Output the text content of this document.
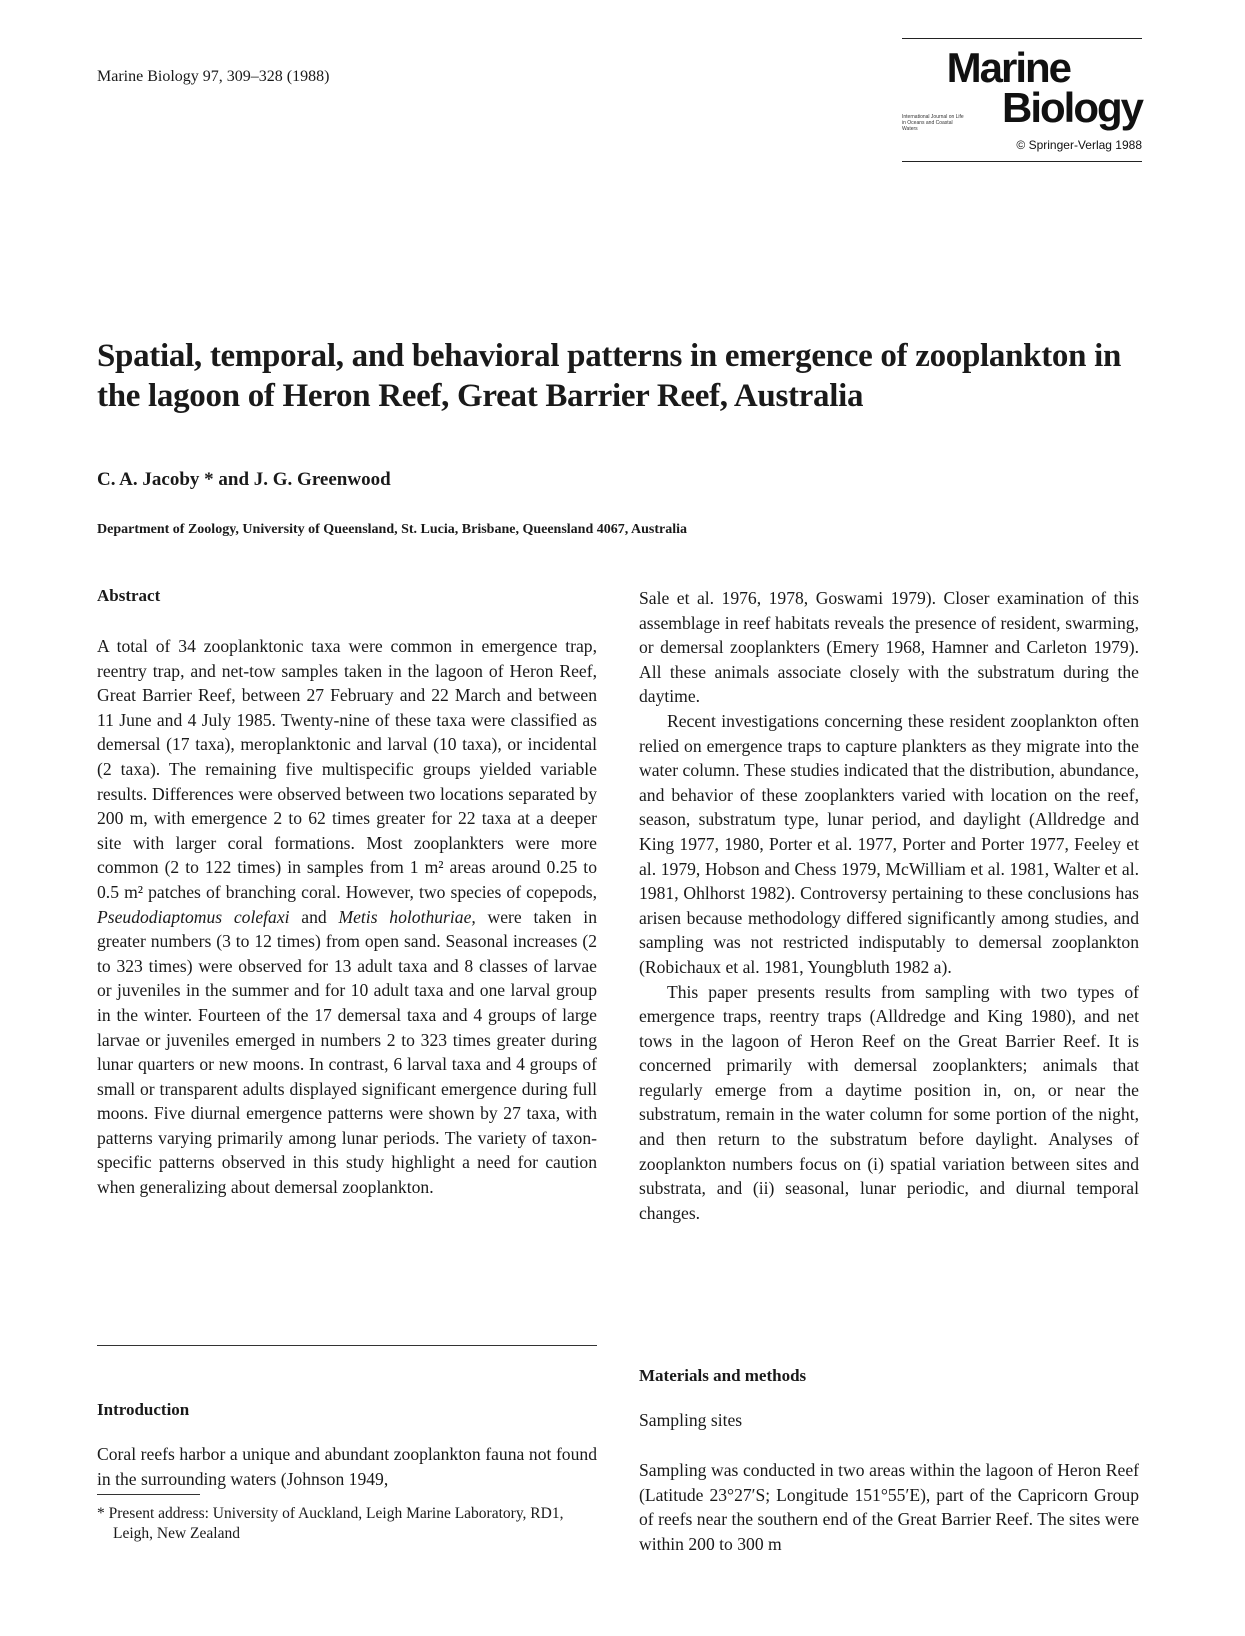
Marine Biology 97, 309–328 (1988)	Marine
International Journal on Life in Oceans and Coastal Waters	Biology
© Springer-Verlag 1988
Spatial, temporal, and behavioral patterns in emergence of zooplankton in the lagoon of Heron Reef, Great Barrier Reef, Australia
C. A. Jacoby * and J. G. Greenwood
Department of Zoology, University of Queensland, St. Lucia, Brisbane, Queensland 4067, Australia
Abstract

A total of 34 zooplanktonic taxa were common in emergence trap, reentry trap, and net-tow samples taken in the lagoon of Heron Reef, Great Barrier Reef, between 27 February and 22 March and between 11 June and 4 July 1985. Twenty-nine of these taxa were classified as demersal (17 taxa), meroplanktonic and larval (10 taxa), or incidental (2 taxa). The remaining five multispecific groups yielded variable results. Differences were observed between two locations separated by 200 m, with emergence 2 to 62 times greater for 22 taxa at a deeper site with larger coral formations. Most zooplankters were more common (2 to 122 times) in samples from 1 m² areas around 0.25 to 0.5 m² patches of branching coral. However, two species of copepods, Pseudodiaptomus colefaxi and Metis holothuriae, were taken in greater numbers (3 to 12 times) from open sand. Seasonal increases (2 to 323 times) were observed for 13 adult taxa and 8 classes of larvae or juveniles in the summer and for 10 adult taxa and one larval group in the winter. Fourteen of the 17 demersal taxa and 4 groups of large larvae or juveniles emerged in numbers 2 to 323 times greater during lunar quarters or new moons. In contrast, 6 larval taxa and 4 groups of small or transparent adults displayed significant emergence during full moons. Five diurnal emergence patterns were shown by 27 taxa, with patterns varying primarily among lunar periods. The variety of taxon-specific patterns observed in this study highlight a need for caution when generalizing about demersal zooplankton.

Introduction

Coral reefs harbor a unique and abundant zooplankton fauna not found in the surrounding waters (Johnson 1949,

* Present address: University of Auckland, Leigh Marine Laboratory, RD1, Leigh, New Zealand

Sale et al. 1976, 1978, Goswami 1979). Closer examination of this assemblage in reef habitats reveals the presence of resident, swarming, or demersal zooplankters (Emery 1968, Hamner and Carleton 1979). All these animals associate closely with the substratum during the daytime.

Recent investigations concerning these resident zooplankton often relied on emergence traps to capture plankters as they migrate into the water column. These studies indicated that the distribution, abundance, and behavior of these zooplankters varied with location on the reef, season, substratum type, lunar period, and daylight (Alldredge and King 1977, 1980, Porter et al. 1977, Porter and Porter 1977, Feeley et al. 1979, Hobson and Chess 1979, McWilliam et al. 1981, Walter et al. 1981, Ohlhorst 1982). Controversy pertaining to these conclusions has arisen because methodology differed significantly among studies, and sampling was not restricted indisputably to demersal zooplankton (Robichaux et al. 1981, Youngbluth 1982 a).

This paper presents results from sampling with two types of emergence traps, reentry traps (Alldredge and King 1980), and net tows in the lagoon of Heron Reef on the Great Barrier Reef. It is concerned primarily with demersal zooplankters; animals that regularly emerge from a daytime position in, on, or near the substratum, remain in the water column for some portion of the night, and then return to the substratum before daylight. Analyses of zooplankton numbers focus on (i) spatial variation between sites and substrata, and (ii) seasonal, lunar periodic, and diurnal temporal changes.

Materials and methods
Sampling sites

Sampling was conducted in two areas within the lagoon of Heron Reef (Latitude 23°27′S; Longitude 151°55′E), part of the Capricorn Group of reefs near the southern end of the Great Barrier Reef. The sites were within 200 to 300 m
